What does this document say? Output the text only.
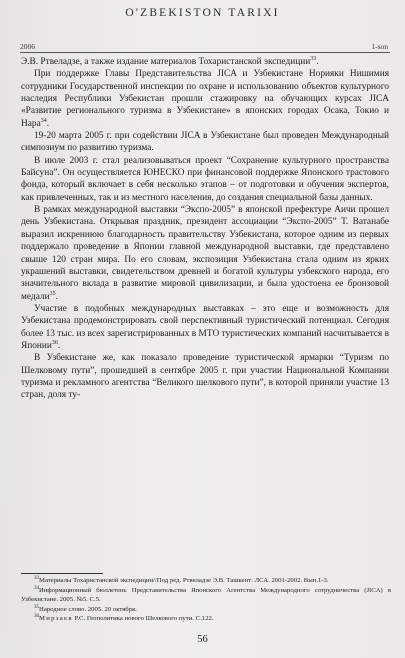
O'ZBEKISTON TARIXI
2006	1-son

Э.В. Ртвеладзе, а также издание материалов Тохаристанской экспедиции$^{33}$.

При поддержке Главы Представительства JICA и Узбекистане Норияки Нишимия сотрудники Государственной инспекции по охране и использованию объектов культурного наследия Республики Узбекистан прошли стажировку на обучающих курсах JICA «Развитие регионального туризма в Узбекистане» в японских городах Осака, Токио и Нара$^{34}$.

19-20 марта 2005 г. при содействии JICA в Узбекистане был проведен Международный симпозиум по развитию туризма.

В июле 2003 г. стал реализовываться проект “Сохранение культурного пространства Байсуна”. Он осуществляется ЮНЕСКО при финансовой поддержке Японского трастового фонда, который включает в себя несколько этапов – от подготовки и обучения экспертов, как привлеченных, так и из местного населения, до создания специальной базы данных.

В рамках международной выставки “Экспо-2005” в японской префектуре Аичи прошел день Узбекистана. Открывая праздник, президент ассоциации “Экспо-2005” Т. Ватанабе выразил искреннюю благодарность правительству Узбекистана, которое одним из первых поддержало проведение в Японии главной международной выставки, где представлено свыше 120 стран мира. По его словам, экспозиция Узбекистана стала одним из ярких украшений выставки, свидетельством древней и богатой культуры узбекского народа, его значительного вклада в развитие мировой цивилизации, и была удостоена ее бронзовой медали$^{35}$.

Участие в подобных международных выставках – это еще и возможность для Узбекистана продемонстрировать свой перспективный туристический потенциал. Сегодня более 13 тыс. из всех зарегистрированных в МТО туристических компаний насчитывается в Японии$^{36}$.

В Узбекистане же, как показало проведение туристической ярмарки “Туризм по Шелковому пути”, прошедшей в сентябре 2005 г. при участии Национальной Компании туризма и рекламного агентства “Великого шелкового пути”, в которой приняли участие 13 стран, доля ту-

$^{33}$Материалы Тохаристанской экспедиции//Под ред. Ртвеладзе Э.В. Ташкент: ЛСА. 2001-2002. Вып.1-3.

$^{34}$Информационный бюллетень Представительства Японского Агентства Международного сотрудничества (JICA) в Узбекистане. 2005. №5. С.5.

$^{35}$Народное слово. 2005. 20 октября.

$^{36}$Мирзаев Р.С. Геополитика нового Шелкового пути. С.122.

56
